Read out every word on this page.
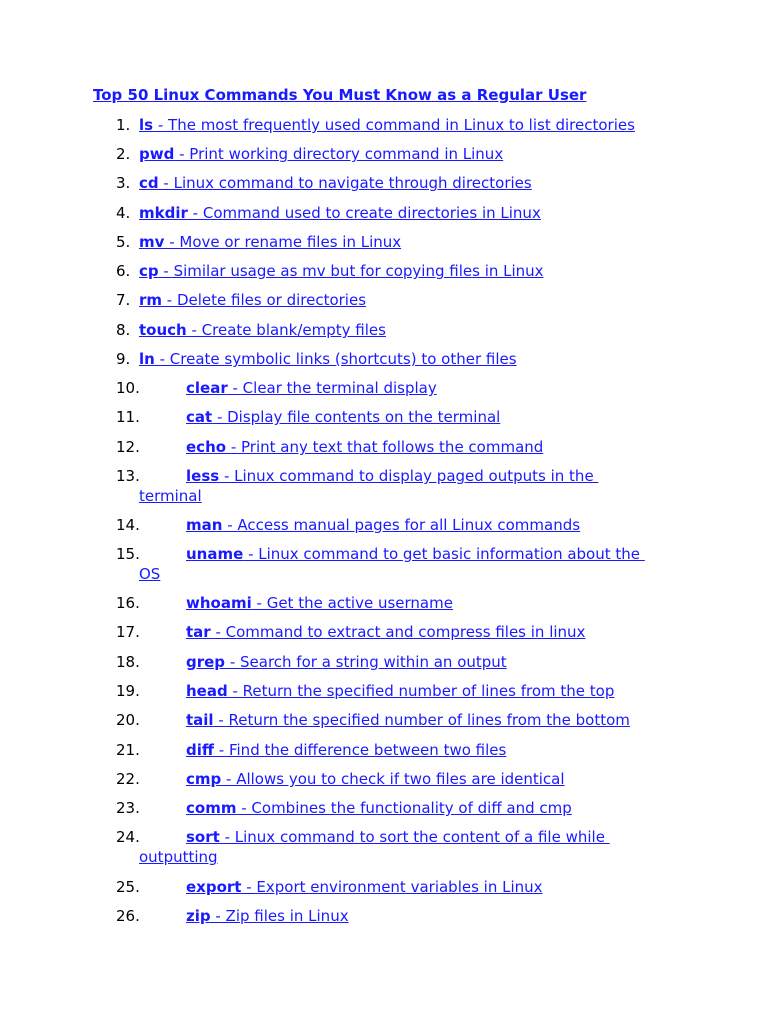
Top 50 Linux Commands You Must Know as a Regular User
1. ls - The most frequently used command in Linux to list directories
2. pwd - Print working directory command in Linux
3. cd - Linux command to navigate through directories
4. mkdir - Command used to create directories in Linux
5. mv - Move or rename files in Linux
6. cp - Similar usage as mv but for copying files in Linux
7. rm - Delete files or directories
8. touch - Create blank/empty files
9. ln - Create symbolic links (shortcuts) to other files
10.	clear - Clear the terminal display
11.	cat - Display file contents on the terminal
12.	echo - Print any text that follows the command
13.	less - Linux command to display paged outputs in the
terminal
14.	man - Access manual pages for all Linux commands
15.	uname - Linux command to get basic information about the
OS
16.	whoami - Get the active username
17.	tar - Command to extract and compress files in linux
18.	grep - Search for a string within an output
19.	head - Return the specified number of lines from the top
20.	tail - Return the specified number of lines from the bottom
21.	diff - Find the difference between two files
22.	cmp - Allows you to check if two files are identical
23.	comm - Combines the functionality of diff and cmp
24.	sort - Linux command to sort the content of a file while
outputting
25.	export - Export environment variables in Linux
26.	zip - Zip files in Linux
